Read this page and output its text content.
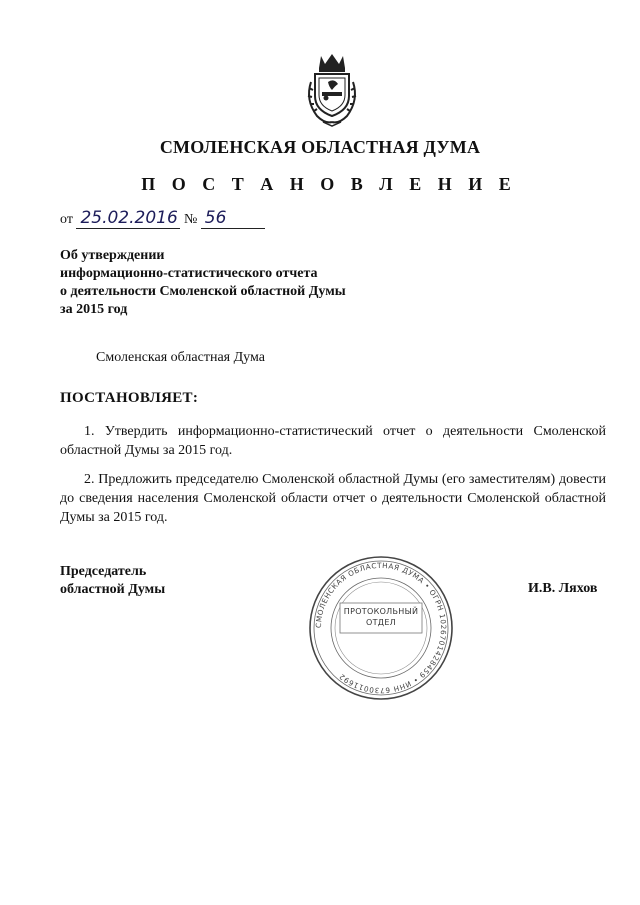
СМОЛЕНСКАЯ ОБЛАСТНАЯ ДУМА
П О С Т А Н О В Л Е Н И Е
от 25.02.2016 № 56
Об утверждении
информационно-статистического отчета
о деятельности Смоленской областной Думы
за 2015 год
Смоленская областная Дума
ПОСТАНОВЛЯЕТ:
1. Утвердить информационно-статистический отчет о деятельности Смоленской областной Думы за 2015 год.
2. Предложить председателю Смоленской областной Думы (его заместителям) довести до сведения населения Смоленской области отчет о деятельности Смоленской областной Думы за 2015 год.
Председатель
областной Думы
СМОЛЕНСКАЯ ОБЛАСТНАЯ ДУМА • ОГРН 1026701428459 • ИНН 6730011692
ПРОТОКОЛЬНЫЙ
ОТДЕЛ
И.В. Ляхов
